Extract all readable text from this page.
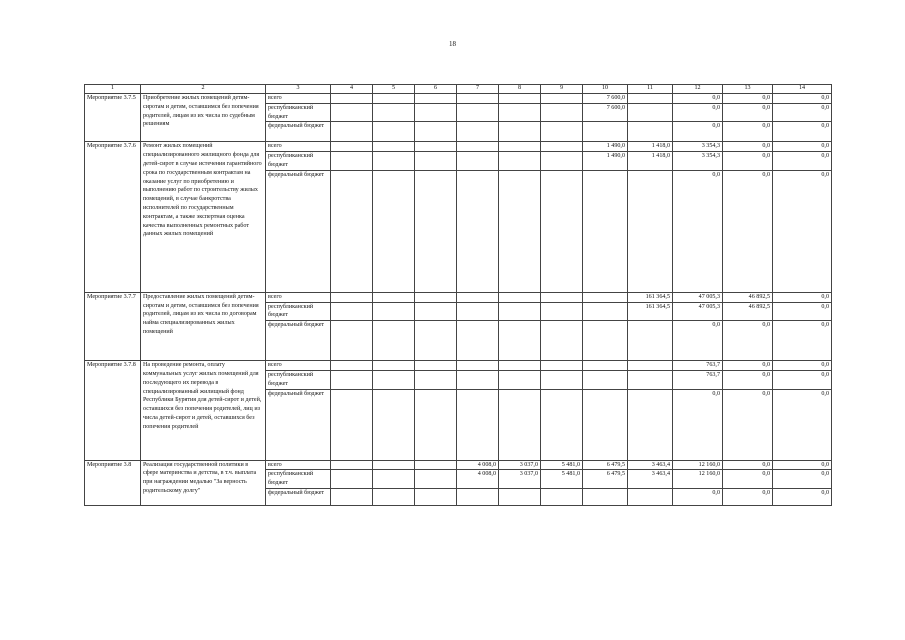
18
1	2	3	4	5	6	7	8	9	10	11	12	13	14
Мероприятие 3.7.5	Приобретение жилых помещений детям-сиротам и детям, оставшимся без попечения родителей, лицам из их числа по судебным решениям	всего							7 600,0		0,0	0,0	0,0
		республиканский бюджет							7 600,0		0,0	0,0	0,0
		федеральный бюджет									0,0	0,0	0,0
Мероприятие 3.7.6	Ремонт жилых помещений специализированного жилищного фонда для детей-сирот в случае истечения гарантийного срока по государственным контрактам на оказание услуг по приобретению и выполнению работ по строительству жилых помещений, в случае банкротства исполнителей по государственным контрактам, а также экспертная оценка качества выполненных ремонтных работ данных жилых помещений	всего							1 490,0	1 418,0	3 354,3	0,0	0,0
		республиканский бюджет							1 490,0	1 418,0	3 354,3	0,0	0,0
		федеральный бюджет									0,0	0,0	0,0
Мероприятие 3.7.7	Предоставление жилых помещений детям-сиротам и детям, оставшимся без попечения родителей, лицам из их числа по договорам найма специализированных жилых помещений	всего								161 364,5	47 005,3	46 892,5	0,0
		республиканский бюджет								161 364,5	47 005,3	46 892,5	0,0
		федеральный бюджет									0,0	0,0	0,0
Мероприятие 3.7.8	На проведение ремонта, оплату коммунальных услуг жилых помещений для последующего их перевода в специализированный жилищный фонд Республики Бурятия для детей-сирот и детей, оставшихся без попечения родителей, лиц из числа детей-сирот и детей, оставшихся без попечения родителей	всего									763,7	0,0	0,0
		республиканский бюджет									763,7	0,0	0,0
		федеральный бюджет									0,0	0,0	0,0
Мероприятие 3.8	Реализация государственной политики в сфере материнства и детства, в т.ч. выплата при награждении медалью "За верность родительскому долгу"	всего				4 008,0	3 037,0	5 481,0	6 479,5	3 463,4	12 160,0	0,0	0,0
		республиканский бюджет				4 008,0	3 037,0	5 481,0	6 479,5	3 463,4	12 160,0	0,0	0,0
		федеральный бюджет									0,0	0,0	0,0
